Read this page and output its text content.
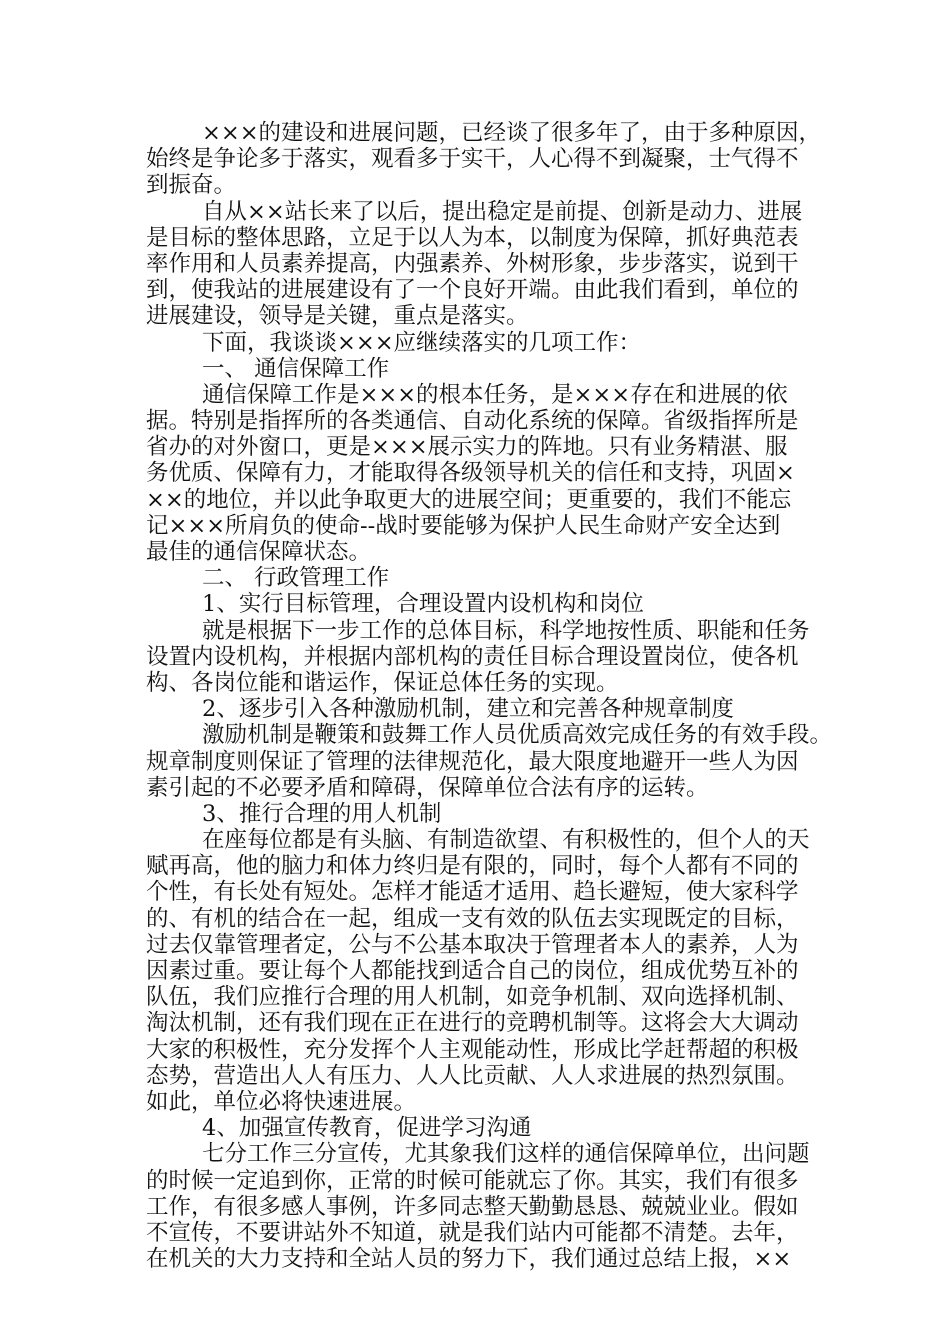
×××的建设和进展问题，已经谈了很多年了，由于多种原因，
始终是争论多于落实，观看多于实干，人心得不到凝聚，士气得不
到振奋。
自从××站长来了以后，提出稳定是前提、创新是动力、进展
是目标的整体思路，立足于以人为本，以制度为保障，抓好典范表
率作用和人员素养提高，内强素养、外树形象，步步落实，说到干
到，使我站的进展建设有了一个良好开端。由此我们看到，单位的
进展建设，领导是关键，重点是落实。
下面，我谈谈×××应继续落实的几项工作：
一、 通信保障工作
通信保障工作是×××的根本任务，是×××存在和进展的依
据。特别是指挥所的各类通信、自动化系统的保障。省级指挥所是
省办的对外窗口，更是×××展示实力的阵地。只有业务精湛、服
务优质、保障有力，才能取得各级领导机关的信任和支持，巩固×
××的地位，并以此争取更大的进展空间；更重要的，我们不能忘
记×××所肩负的使命--战时要能够为保护人民生命财产安全达到
最佳的通信保障状态。
二、 行政管理工作
1、实行目标管理，合理设置内设机构和岗位
就是根据下一步工作的总体目标，科学地按性质、职能和任务
设置内设机构，并根据内部机构的责任目标合理设置岗位，使各机
构、各岗位能和谐运作，保证总体任务的实现。
2、逐步引入各种激励机制，建立和完善各种规章制度
激励机制是鞭策和鼓舞工作人员优质高效完成任务的有效手段。
规章制度则保证了管理的法律规范化，最大限度地避开一些人为因
素引起的不必要矛盾和障碍，保障单位合法有序的运转。
3、推行合理的用人机制
在座每位都是有头脑、有制造欲望、有积极性的，但个人的天
赋再高，他的脑力和体力终归是有限的，同时，每个人都有不同的
个性，有长处有短处。怎样才能适才适用、趋长避短，使大家科学
的、有机的结合在一起，组成一支有效的队伍去实现既定的目标，
过去仅靠管理者定，公与不公基本取决于管理者本人的素养，人为
因素过重。要让每个人都能找到适合自己的岗位，组成优势互补的
队伍，我们应推行合理的用人机制，如竞争机制、双向选择机制、
淘汰机制，还有我们现在正在进行的竞聘机制等。这将会大大调动
大家的积极性，充分发挥个人主观能动性，形成比学赶帮超的积极
态势，营造出人人有压力、人人比贡献、人人求进展的热烈氛围。
如此，单位必将快速进展。
4、加强宣传教育，促进学习沟通
七分工作三分宣传，尤其象我们这样的通信保障单位，出问题
的时候一定追到你，正常的时候可能就忘了你。其实，我们有很多
工作，有很多感人事例，许多同志整天勤勤恳恳、兢兢业业。假如
不宣传，不要讲站外不知道，就是我们站内可能都不清楚。去年，
在机关的大力支持和全站人员的努力下，我们通过总结上报，××
